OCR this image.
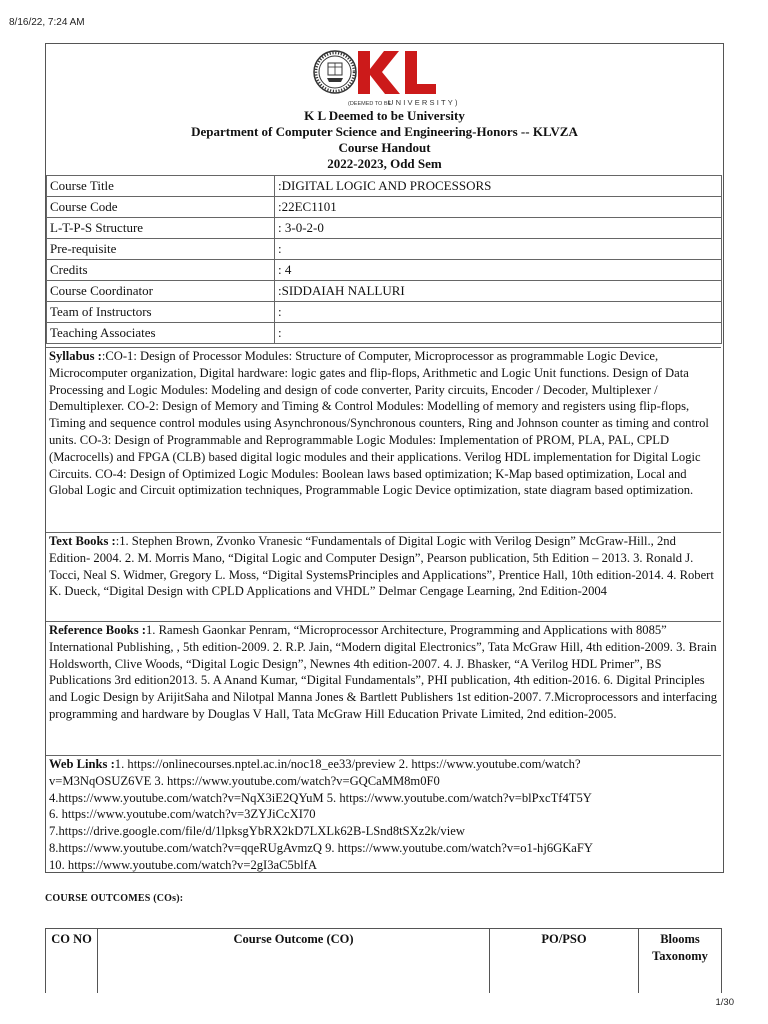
8/16/22, 7:24 AM
(DEEMED TO BE
UNIVERSITY)
K L Deemed to be University
Department of Computer Science and Engineering-Honors -- KLVZA
Course Handout
2022-2023, Odd Sem
Course Title	:DIGITAL LOGIC AND PROCESSORS
Course Code	:22EC1101
L-T-P-S Structure	: 3-0-2-0
Pre-requisite	:
Credits	: 4
Course Coordinator	:SIDDAIAH NALLURI
Team of Instructors	:
Teaching Associates	:
Syllabus ::CO-1: Design of Processor Modules: Structure of Computer, Microprocessor as programmable Logic Device, Microcomputer organization, Digital hardware: logic gates and flip-flops, Arithmetic and Logic Unit functions. Design of Data Processing and Logic Modules: Modeling and design of code converter, Parity circuits, Encoder / Decoder, Multiplexer / Demultiplexer. CO-2: Design of Memory and Timing & Control Modules: Modelling of memory and registers using flip-flops, Timing and sequence control modules using Asynchronous/Synchronous counters, Ring and Johnson counter as timing and control units. CO-3: Design of Programmable and Reprogrammable Logic Modules: Implementation of PROM, PLA, PAL, CPLD (Macrocells) and FPGA (CLB) based digital logic modules and their applications. Verilog HDL implementation for Digital Logic Circuits. CO-4: Design of Optimized Logic Modules: Boolean laws based optimization; K-Map based optimization, Local and Global Logic and Circuit optimization techniques, Programmable Logic Device optimization, state diagram based optimization.
Text Books ::1. Stephen Brown, Zvonko Vranesic “Fundamentals of Digital Logic with Verilog Design” McGraw-Hill., 2nd Edition- 2004. 2. M. Morris Mano, “Digital Logic and Computer Design”, Pearson publication, 5th Edition – 2013. 3. Ronald J. Tocci, Neal S. Widmer, Gregory L. Moss, “Digital SystemsPrinciples and Applications”, Prentice Hall, 10th edition-2014. 4. Robert K. Dueck, “Digital Design with CPLD Applications and VHDL” Delmar Cengage Learning, 2nd Edition-2004
Reference Books :1. Ramesh Gaonkar Penram, “Microprocessor Architecture, Programming and Applications with 8085” International Publishing, , 5th edition-2009. 2. R.P. Jain, “Modern digital Electronics”, Tata McGraw Hill, 4th edition-2009. 3. Brain Holdsworth, Clive Woods, “Digital Logic Design”, Newnes 4th edition-2007. 4. J. Bhasker, “A Verilog HDL Primer”, BS Publications 3rd edition2013. 5. A Anand Kumar, “Digital Fundamentals”, PHI publication, 4th edition-2016. 6. Digital Principles and Logic Design by ArijitSaha and Nilotpal Manna Jones & Bartlett Publishers 1st edition-2007. 7.Microprocessors and interfacing programming and hardware by Douglas V Hall, Tata McGraw Hill Education Private Limited, 2nd edition-2005.
Web Links :1. https://onlinecourses.nptel.ac.in/noc18_ee33/preview 2. https://www.youtube.com/watch?
v=M3NqOSUZ6VE 3. https://www.youtube.com/watch?v=GQCaMM8m0F0
4.https://www.youtube.com/watch?v=NqX3iE2QYuM 5. https://www.youtube.com/watch?v=blPxcTf4T5Y
6. https://www.youtube.com/watch?v=3ZYJiCcXI70
7.https://drive.google.com/file/d/1lpksgYbRX2kD7LXLk62B-LSnd8tSXz2k/view
8.https://www.youtube.com/watch?v=qqeRUgAvmzQ 9. https://www.youtube.com/watch?v=o1-hj6GKaFY
10. https://www.youtube.com/watch?v=2gI3aC5blfA
COURSE OUTCOMES (COs):
CO NO	Course Outcome (CO)	PO/PSO	Blooms Taxonomy
1/30
